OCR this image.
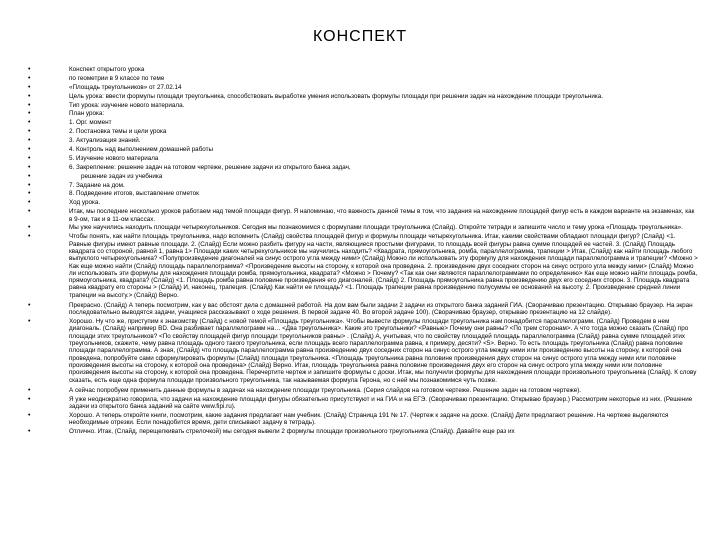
КОНСПЕКТ
• Конспект открытого урока
• по геометрии в 9 классе по теме
• «Площадь треугольников» от 27.02.14
• Цель урока: ввести формулы площади треугольника, способствовать выработке умения использовать формулы площади при решении задач на нахождение площади треугольника.
• Тип урока: изучение нового материала.
• План урока:
• 1. Орг. момент
• 2. Постановка темы и цели урока
• 3. Актуализация знаний.
• 4. Контроль над выполнением домашней работы
• 5. Изучение нового материала
• 6. Закрепление: решение задач на готовом чертеже, решение задачи из открытого банка задач,
• решение задач из учебника
• 7. Задание на дом.
• 8. Подведение итогов, выставление отметок
• Ход урока.
• Итак, мы последние несколько уроков работаем над темой площади фигур. Я напоминаю, что важность данной темы в том, что задания на нахождение площадей фигур есть в каждом варианте на экзаменах, как в 9-ом, так и в 11-ом классах.
• Мы уже научились находить площади четырехугольников. Сегодня мы познакомимся с формулами площади треугольника (Слайд). Откройте тетради и запишите число и тему урока «Площадь треугольника».
• Чтобы понять, как найти площадь треугольника, надо вспомнить (Слайд) свойства площадей фигур и формулы площади четырехугольника. Итак, какими свойствами обладают площади фигур? (Слайд) <1. Равные фигуры имеют равные площади. 2. (Слайд) Если можно разбить фигуру на части, являющиеся простыми фигурами, то площадь всей фигуры равна сумме площадей ее частей. 3. (Слайд) Площадь квадрата со стороной, равной 1, равна 1> Площади каких четырехугольников мы научились находить? <Квадрата, прямоугольника, ромба, параллелограмма, трапеции > Итак, (Слайд) как найти площадь любого выпуклого четырехугольника? <Полупроизведение диагоналей на синус острого угла между ними> (Слайд) Можно ли использовать эту формулу для нахождения площади параллелограмма и трапеции? <Можно > Как еще можно найти (Слайд) площадь параллелограмма? <Произведение высоты на сторону, к которой она проведена. 2. произведение двух соседних сторон на синус острого угла между ними> (Слайд) Можно ли использовать эти формулы для нахождения площади ромба, прямоугольника, квадрата? <Можно > Почему? <Так как они являются параллелограммами по определению> Как еще можно найти площадь ромба, прямоугольника, квадрата? (Слайд) <1. Площадь ромба равна половине произведения его диагоналей. (Слайд) 2. Площадь прямоугольника равна произведению двух его соседних сторон. 3. Площадь квадрата равна квадрату его стороны > (Слайд) И, наконец, трапеция. (Слайд) Как найти ее площадь? <1. Площадь трапеции равна произведению полусуммы ее оснований на высоту. 2. Произведение средней линии трапеции на высоту.> (Слайд) Верно.
• Прекрасно. (Слайд) А теперь посмотрим, как у вас обстоят дела с домашней работой. На дом вам были задачи 2 задачи из открытого банка заданий ГИА. (Сворачиваю презентацию. Открываю браузер. На экран последовательно выводятся задачи, учащиеся рассказывают о ходе решения. В первой задаче 40. Во второй задаче 100). (Сворачиваю браузер, открываю презентацию на 12 слайде).
• Хорошо. Ну что же, приступим к знакомству (Слайд) с новой темой «Площадь треугольника». Чтобы вывести формулы площади треугольника нам понадобится параллелограмм. (Слайд) Проведем в нем диагональ. (Слайд) например BD. Она разбивает параллелограмм на… <Два треугольника>. Какие это треугольники? <Равные> Почему они равны? <По трем сторонам>. А что тогда можно сказать (Слайд) про площади этих треугольников? <По свойству площадей фигур площади треугольников равны> . (Слайд) А, учитывая, что по свойству площадей площадь параллелограмма (Слайд) равна сумме площадей этих треугольников, скажите, чему равна площадь одного такого треугольника, если площадь всего параллелограмма равна, к примеру, десяти? <5>. Верно. То есть площадь треугольника (Слайд) равна половине площади параллелограмма. А зная, (Слайд) что площадь параллелограмма равна произведению двух соседних сторон на синус острого угла между ними или произведению высоты на сторону, к которой она проведена, попробуйте сами сформулировать формулы (Слайд) площади треугольника. <Площадь треугольника равна половине произведения двух сторон на синус острого угла между ними или половине произведения высоты на сторону, к которой она проведена> (Слайд) Верно. Итак, площадь треугольника равна половине произведения двух его сторон на синус острого угла между ними или половине произведения высоты на сторону, к которой она проведена. Перечертите чертеж и запишите формулы с доски. Итак, мы получили формулы для нахождения площади произвольного треугольника (Слайд). К слову сказать, есть еще одна формула площади произвольного треугольника, так называемая формула Герона, но с ней мы познакомимся чуть позже.
• А сейчас попробуем применить данные формулы в задачах на нахождение площади треугольника. (Серия слайдов на готовом чертеже. Решение задач на готовом чертеже).
• Я уже неоднократно говорила, что задачи на нахождение площади фигуры обязательно присутствуют и на ГИА и на ЕГЭ. (Сворачиваю презентацию. Открываю браузер.) Рассмотрим некоторые из них. (Решение задачи из открытого банка заданий на сайте www.fipi.ru).
• Хорошо. А теперь откройте книги, посмотрим, какие задания предлагает нам учебник. (Слайд) Страница 191 № 17. (Чертеж к задаче на доске. (Слайд) Дети предлагают решение. На чертеже выделяются необходимые отрезки. Если понадобится время, дети списывают задачу в тетрадь).
• Отлично. Итак, (Слайд, перещелкивать стрелочкой) мы сегодня вывели 2 формулы площади произвольного треугольника (Слайд). Давайте еще раз их
